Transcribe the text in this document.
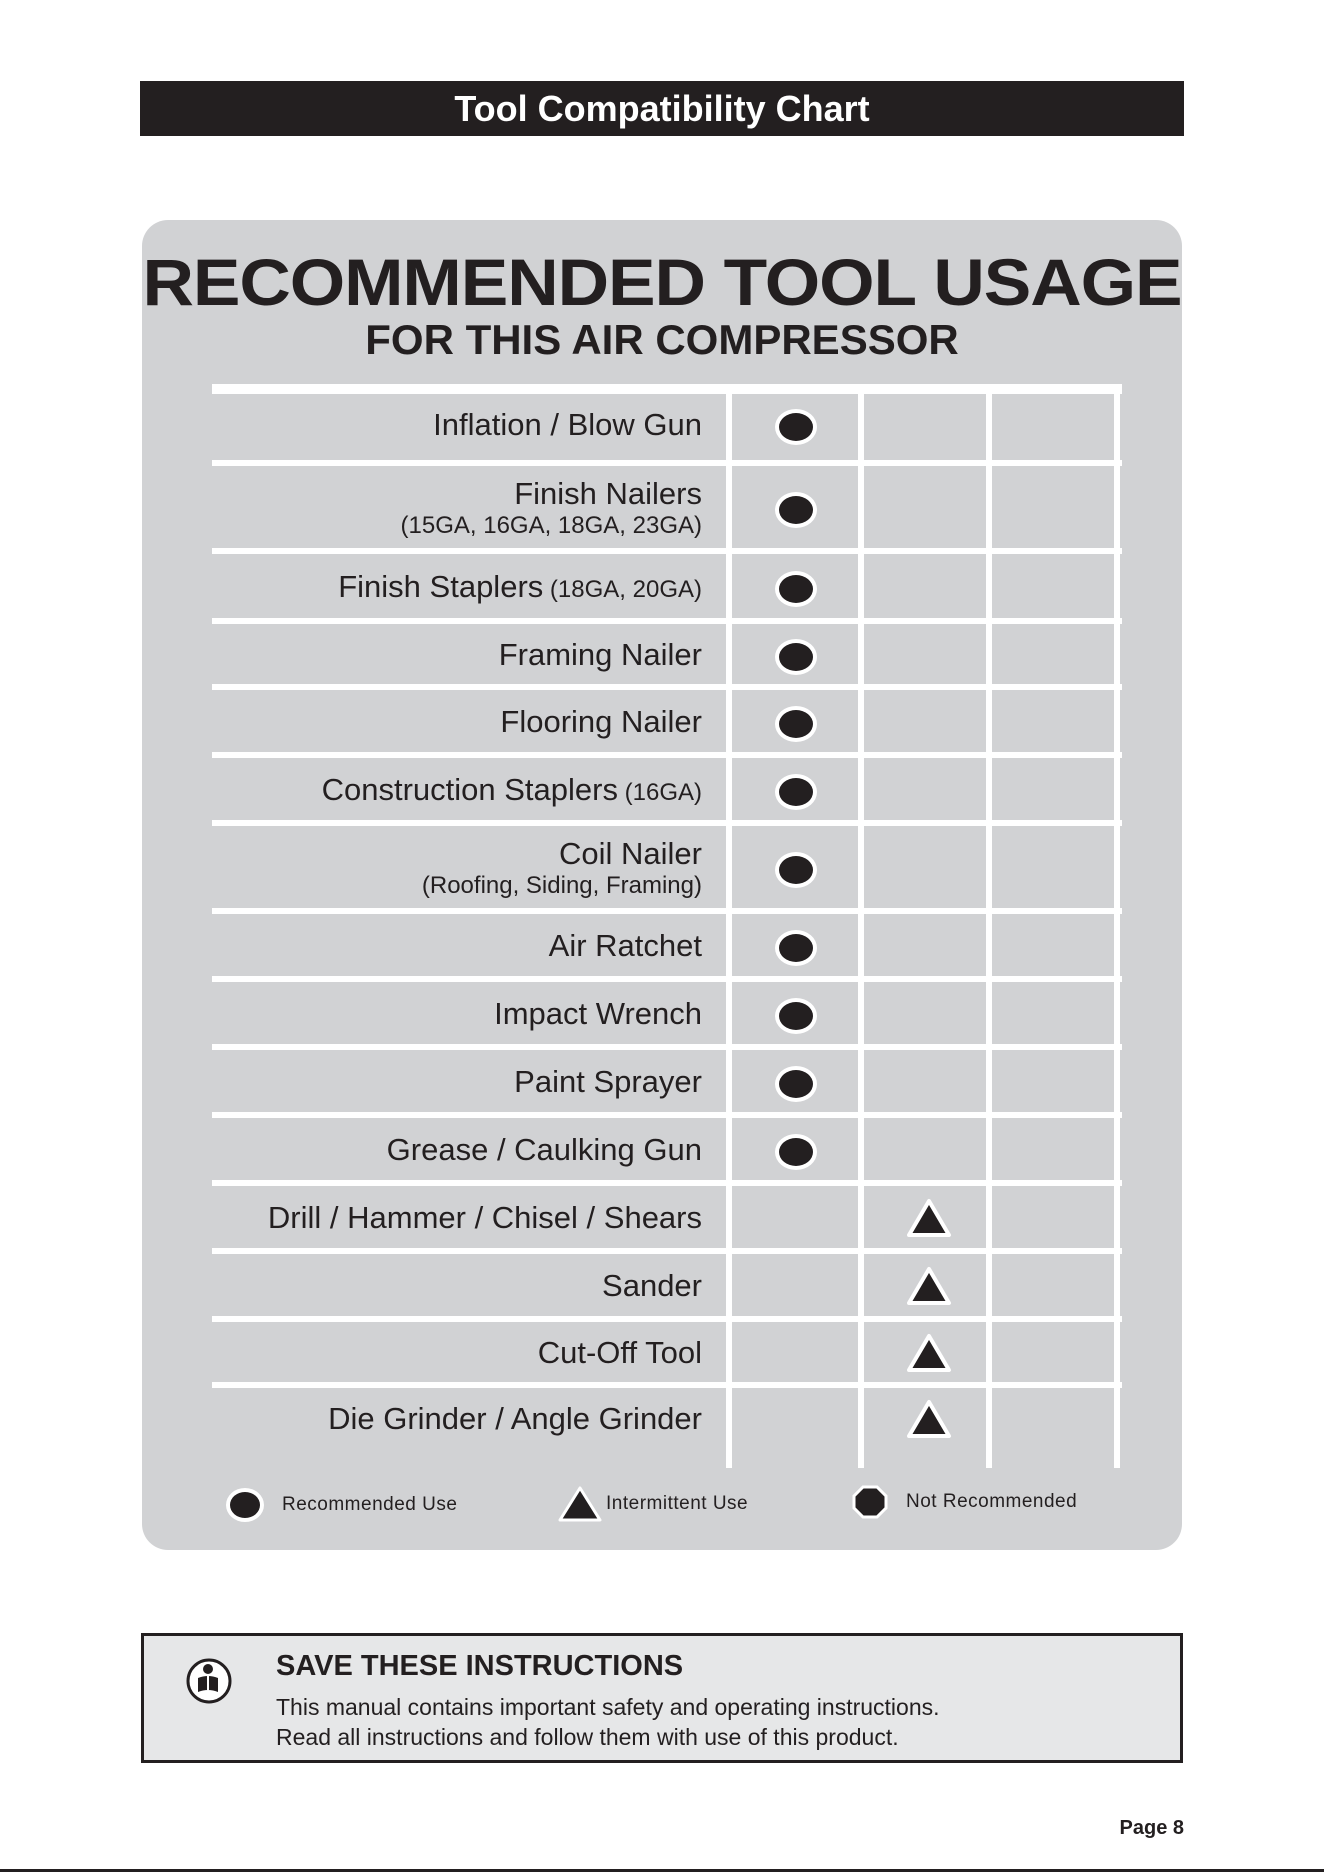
Tool Compatibility Chart
RECOMMENDED TOOL USAGE
FOR THIS AIR COMPRESSOR
Inflation / Blow Gun
Finish Nailers
(15GA, 16GA, 18GA, 23GA)
Finish Staplers (18GA, 20GA)
Framing Nailer
Flooring Nailer
Construction Staplers (16GA)
Coil Nailer
(Roofing, Siding, Framing)
Air Ratchet
Impact Wrench
Paint Sprayer
Grease / Caulking Gun
Drill / Hammer / Chisel / Shears
Sander
Cut-Off Tool
Die Grinder / Angle Grinder
Recommended Use	Intermittent Use	Not Recommended
SAVE THESE INSTRUCTIONS
This manual contains important safety and operating instructions.
Read all instructions and follow them with use of this product.
Page 8
